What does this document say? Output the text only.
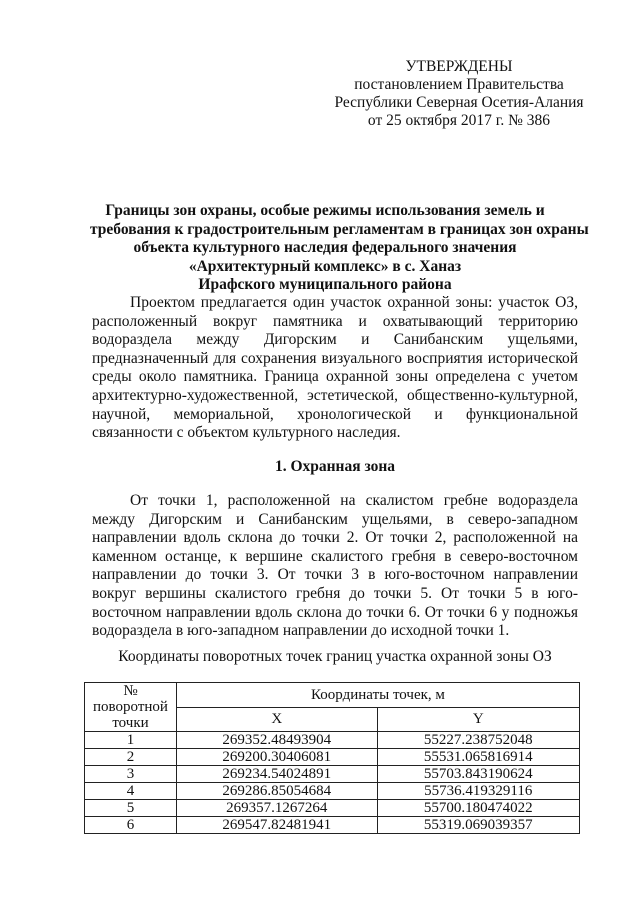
УТВЕРЖДЕНЫ
постановлением Правительства
Республики Северная Осетия-Алания
от 25 октября 2017 г. № 386
Границы зон охраны, особые режимы использования земель и
требования к градостроительным регламентам в границах зон охраны
объекта культурного наследия федерального значения
«Архитектурный комплекс» в с. Ханаз
Ирафского муниципального района

Проектом предлагается один участок охранной зоны: участок ОЗ, расположенный вокруг памятника и охватывающий территорию водораздела между Дигорским и Санибанским ущельями, предназначенный для сохранения визуального восприятия исторической среды около памятника. Граница охранной зоны определена с учетом архитектурно-художественной, эстетической, общественно-культурной, научной, мемориальной, хронологической и функциональной связанности с объектом культурного наследия.

1. Охранная зона

От точки 1, расположенной на скалистом гребне водораздела между Дигорским и Санибанским ущельями, в северо-западном направлении вдоль склона до точки 2. От точки 2, расположенной на каменном останце, к вершине скалистого гребня в северо-восточном направлении до точки 3. От точки 3 в юго-восточном направлении вокруг вершины скалистого гребня до точки 5. От точки 5 в юго-восточном направлении вдоль склона до точки 6. От точки 6 у подножья водораздела в юго-западном направлении до исходной точки 1.

Координаты поворотных точек границ участка охранной зоны ОЗ
№ поворотной точки	Координаты точек, м	
	X	Y
1	269352.48493904	55227.238752048
2	269200.30406081	55531.065816914
3	269234.54024891	55703.843190624
4	269286.85054684	55736.419329116
5	269357.1267264	55700.180474022
6	269547.82481941	55319.069039357
